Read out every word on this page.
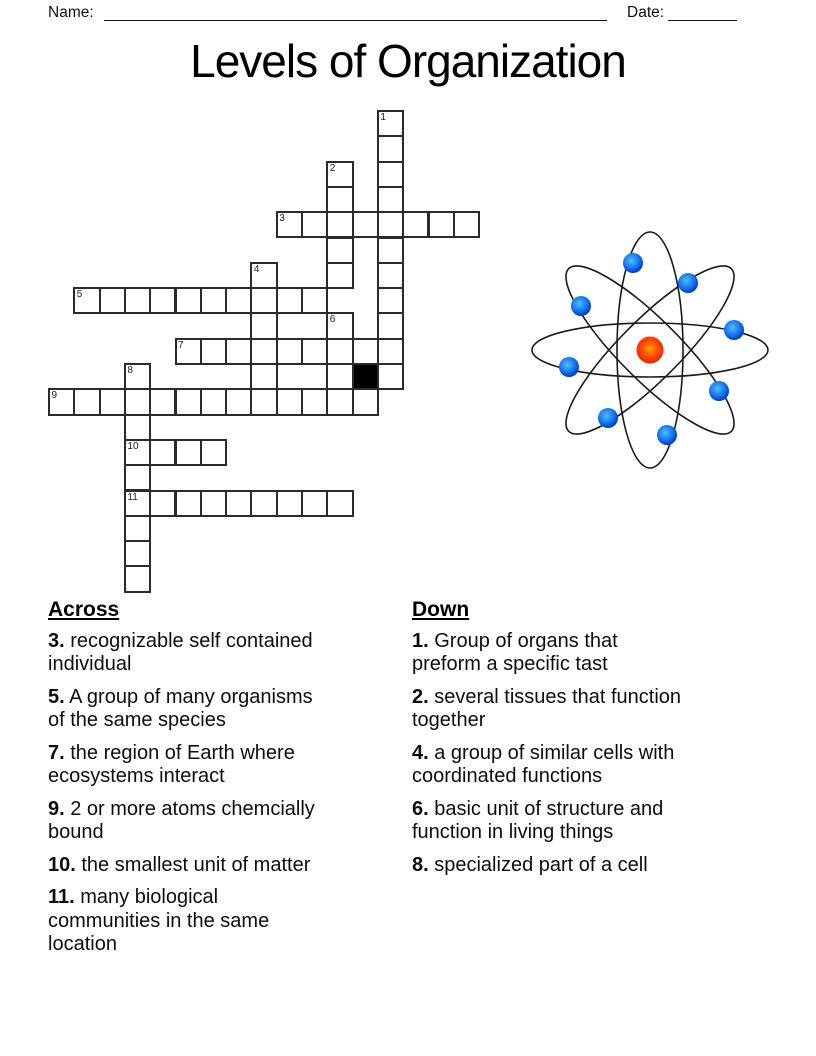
Name:	Date:
Levels of Organization
1
2
3
4
5
6
7
8
9
10
11

Across

3. recognizable self contained
individual

5. A group of many organisms
of the same species

7. the region of Earth where
ecosystems interact

9. 2 or more atoms chemcially
bound

10. the smallest unit of matter

11. many biological
communities in the same
location

Down

1. Group of organs that
preform a specific tast

2. several tissues that function
together

4. a group of similar cells with
coordinated functions

6. basic unit of structure and
function in living things

8. specialized part of a cell
